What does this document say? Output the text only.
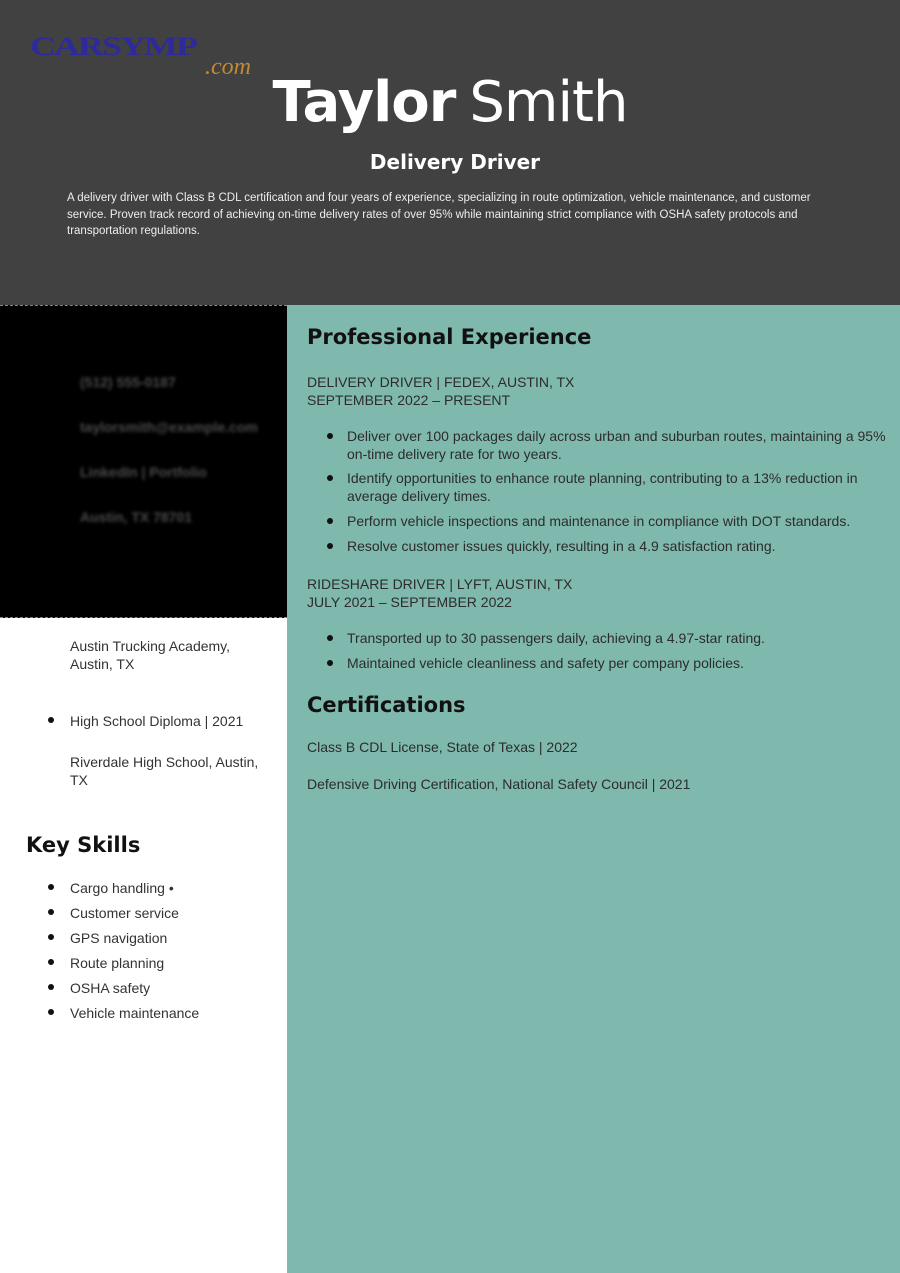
CARSYMP
.com
Taylor Smith
Delivery Driver

A delivery driver with Class B CDL certification and four years of experience, specializing in route optimization, vehicle maintenance, and customer service. Proven track record of achieving on-time delivery rates of over 95% while maintaining strict compliance with OSHA safety protocols and transportation regulations.

(512) 555-0187
taylorsmith@example.com
LinkedIn | Portfolio
Austin, TX 78701
Austin Trucking Academy, Austin, TX
High School Diploma | 2021
Riverdale High School, Austin, TX
Key Skills
Cargo handling •
Customer service
GPS navigation
Route planning
OSHA safety
Vehicle maintenance
Professional Experience
DELIVERY DRIVER | FEDEX, AUSTIN, TX
SEPTEMBER 2022 – PRESENT
Deliver over 100 packages daily across urban and suburban routes, maintaining a 95% on-time delivery rate for two years.
Identify opportunities to enhance route planning, contributing to a 13% reduction in average delivery times.
Perform vehicle inspections and maintenance in compliance with DOT standards.
Resolve customer issues quickly, resulting in a 4.9 satisfaction rating.
RIDESHARE DRIVER | LYFT, AUSTIN, TX
JULY 2021 – SEPTEMBER 2022
Transported up to 30 passengers daily, achieving a 4.97-star rating.
Maintained vehicle cleanliness and safety per company policies.
Certifications
Class B CDL License, State of Texas | 2022
Defensive Driving Certification, National Safety Council | 2021
